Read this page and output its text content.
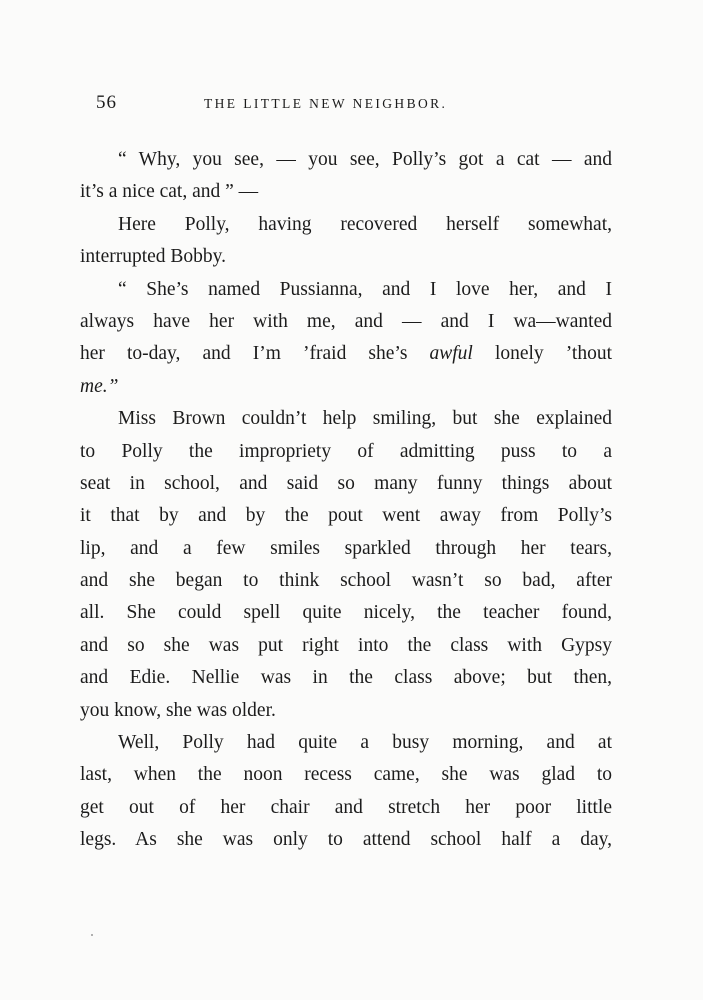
56	THE LITTLE NEW NEIGHBOR.
“ Why, you see, — you see, Polly’s got a cat — and
it’s a nice cat, and ” —
Here Polly, having recovered herself somewhat,
interrupted Bobby.
“ She’s named Pussianna, and I love her, and I
always have her with me, and — and I wa—wanted
her to-day, and I’m ’fraid she’s awful lonely ’thout
me.”
Miss Brown couldn’t help smiling, but she explained
to Polly the impropriety of admitting puss to a
seat in school, and said so many funny things about
it that by and by the pout went away from Polly’s
lip, and a few smiles sparkled through her tears,
and she began to think school wasn’t so bad, after
all. She could spell quite nicely, the teacher found,
and so she was put right into the class with Gypsy
and Edie. Nellie was in the class above; but then,
you know, she was older.
Well, Polly had quite a busy morning, and at
last, when the noon recess came, she was glad to
get out of her chair and stretch her poor little
legs. As she was only to attend school half a day,
